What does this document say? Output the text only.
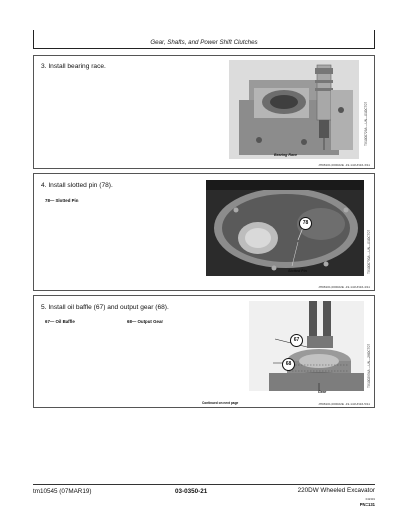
Gear, Shafts, and Power Shift Clutches
3. Install bearing race.
Bearing Race
TX1000729A —UN—01OCT07
JH08101,000022E -19-14JUN16-3/11
4. Install slotted pin (78).
78— Slotted Pin
78
Slotted Pin	TX1000730A —UN—01OCT07
JH08101,000022E -19-14JUN16-4/11
5. Install oil baffle (67) and output gear (68).
67— Oil Baffle	68— Output Gear
67
68
Gear
TX1002934A —UN—28OCT07
Continued on next page	JH08101,000022E -19-14JUN16-5/11
tm10545 (07MAR19)	03-0350-21	220DW Wheeled Excavator
042319
PN=131
